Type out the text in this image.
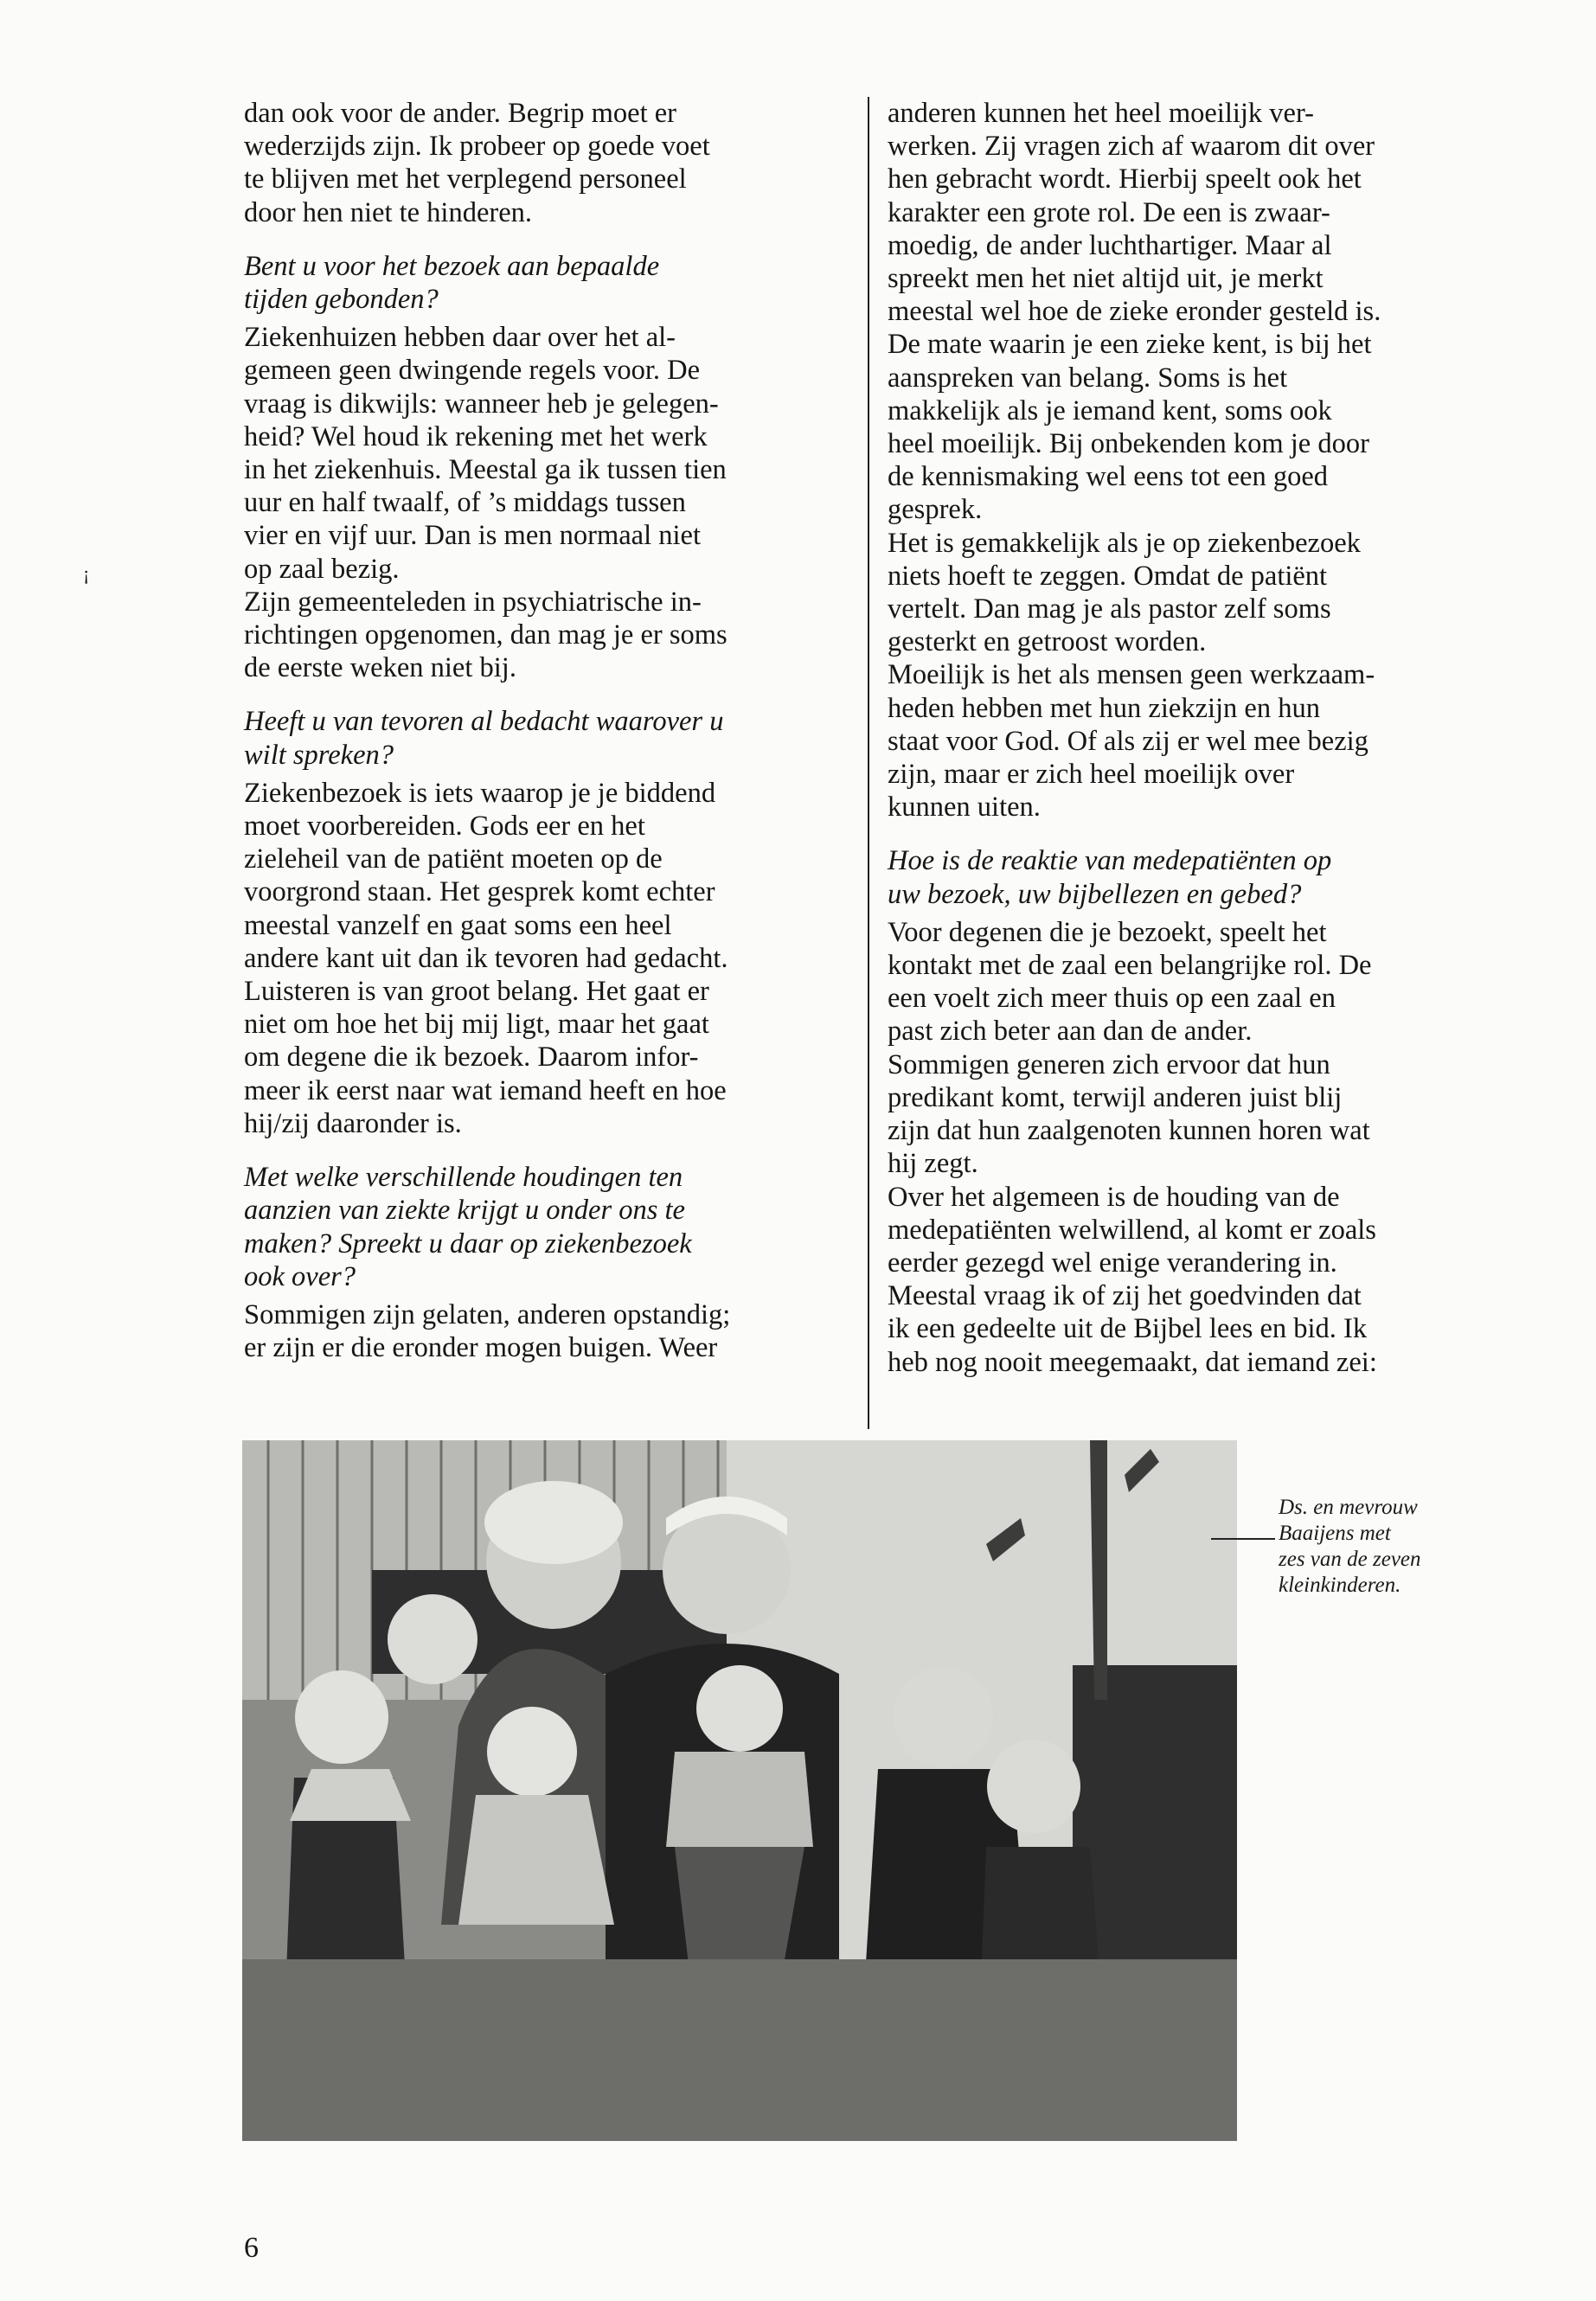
dan ook voor de ander. Begrip moet er
wederzijds zijn. Ik probeer op goede voet
te blijven met het verplegend personeel
door hen niet te hinderen.

Bent u voor het bezoek aan bepaalde
tijden gebonden?

Ziekenhuizen hebben daar over het al-
gemeen geen dwingende regels voor. De
vraag is dikwijls: wanneer heb je gelegen-
heid? Wel houd ik rekening met het werk
in het ziekenhuis. Meestal ga ik tussen tien
uur en half twaalf, of ’s middags tussen
vier en vijf uur. Dan is men normaal niet
op zaal bezig.
Zijn gemeenteleden in psychiatrische in-
richtingen opgenomen, dan mag je er soms
de eerste weken niet bij.

Heeft u van tevoren al bedacht waarover u
wilt spreken?

Ziekenbezoek is iets waarop je je biddend
moet voorbereiden. Gods eer en het
zieleheil van de patiënt moeten op de
voorgrond staan. Het gesprek komt echter
meestal vanzelf en gaat soms een heel
andere kant uit dan ik tevoren had gedacht.
Luisteren is van groot belang. Het gaat er
niet om hoe het bij mij ligt, maar het gaat
om degene die ik bezoek. Daarom infor-
meer ik eerst naar wat iemand heeft en hoe
hij/zij daaronder is.

Met welke verschillende houdingen ten
aanzien van ziekte krijgt u onder ons te
maken? Spreekt u daar op ziekenbezoek
ook over?

Sommigen zijn gelaten, anderen opstandig;
er zijn er die eronder mogen buigen. Weer

anderen kunnen het heel moeilijk ver-
werken. Zij vragen zich af waarom dit over
hen gebracht wordt. Hierbij speelt ook het
karakter een grote rol. De een is zwaar-
moedig, de ander luchthartiger. Maar al
spreekt men het niet altijd uit, je merkt
meestal wel hoe de zieke eronder gesteld is.
De mate waarin je een zieke kent, is bij het
aanspreken van belang. Soms is het
makkelijk als je iemand kent, soms ook
heel moeilijk. Bij onbekenden kom je door
de kennismaking wel eens tot een goed
gesprek.
Het is gemakkelijk als je op ziekenbezoek
niets hoeft te zeggen. Omdat de patiënt
vertelt. Dan mag je als pastor zelf soms
gesterkt en getroost worden.
Moeilijk is het als mensen geen werkzaam-
heden hebben met hun ziekzijn en hun
staat voor God. Of als zij er wel mee bezig
zijn, maar er zich heel moeilijk over
kunnen uiten.

Hoe is de reaktie van medepatiënten op
uw bezoek, uw bijbellezen en gebed?

Voor degenen die je bezoekt, speelt het
kontakt met de zaal een belangrijke rol. De
een voelt zich meer thuis op een zaal en
past zich beter aan dan de ander.
Sommigen generen zich ervoor dat hun
predikant komt, terwijl anderen juist blij
zijn dat hun zaalgenoten kunnen horen wat
hij zegt.
Over het algemeen is de houding van de
medepatiënten welwillend, al komt er zoals
eerder gezegd wel enige verandering in.
Meestal vraag ik of zij het goedvinden dat
ik een gedeelte uit de Bijbel lees en bid. Ik
heb nog nooit meegemaakt, dat iemand zei:

Ds. en mevrouw

Baaijens met

zes van de zeven

kleinkinderen.

6
¡
